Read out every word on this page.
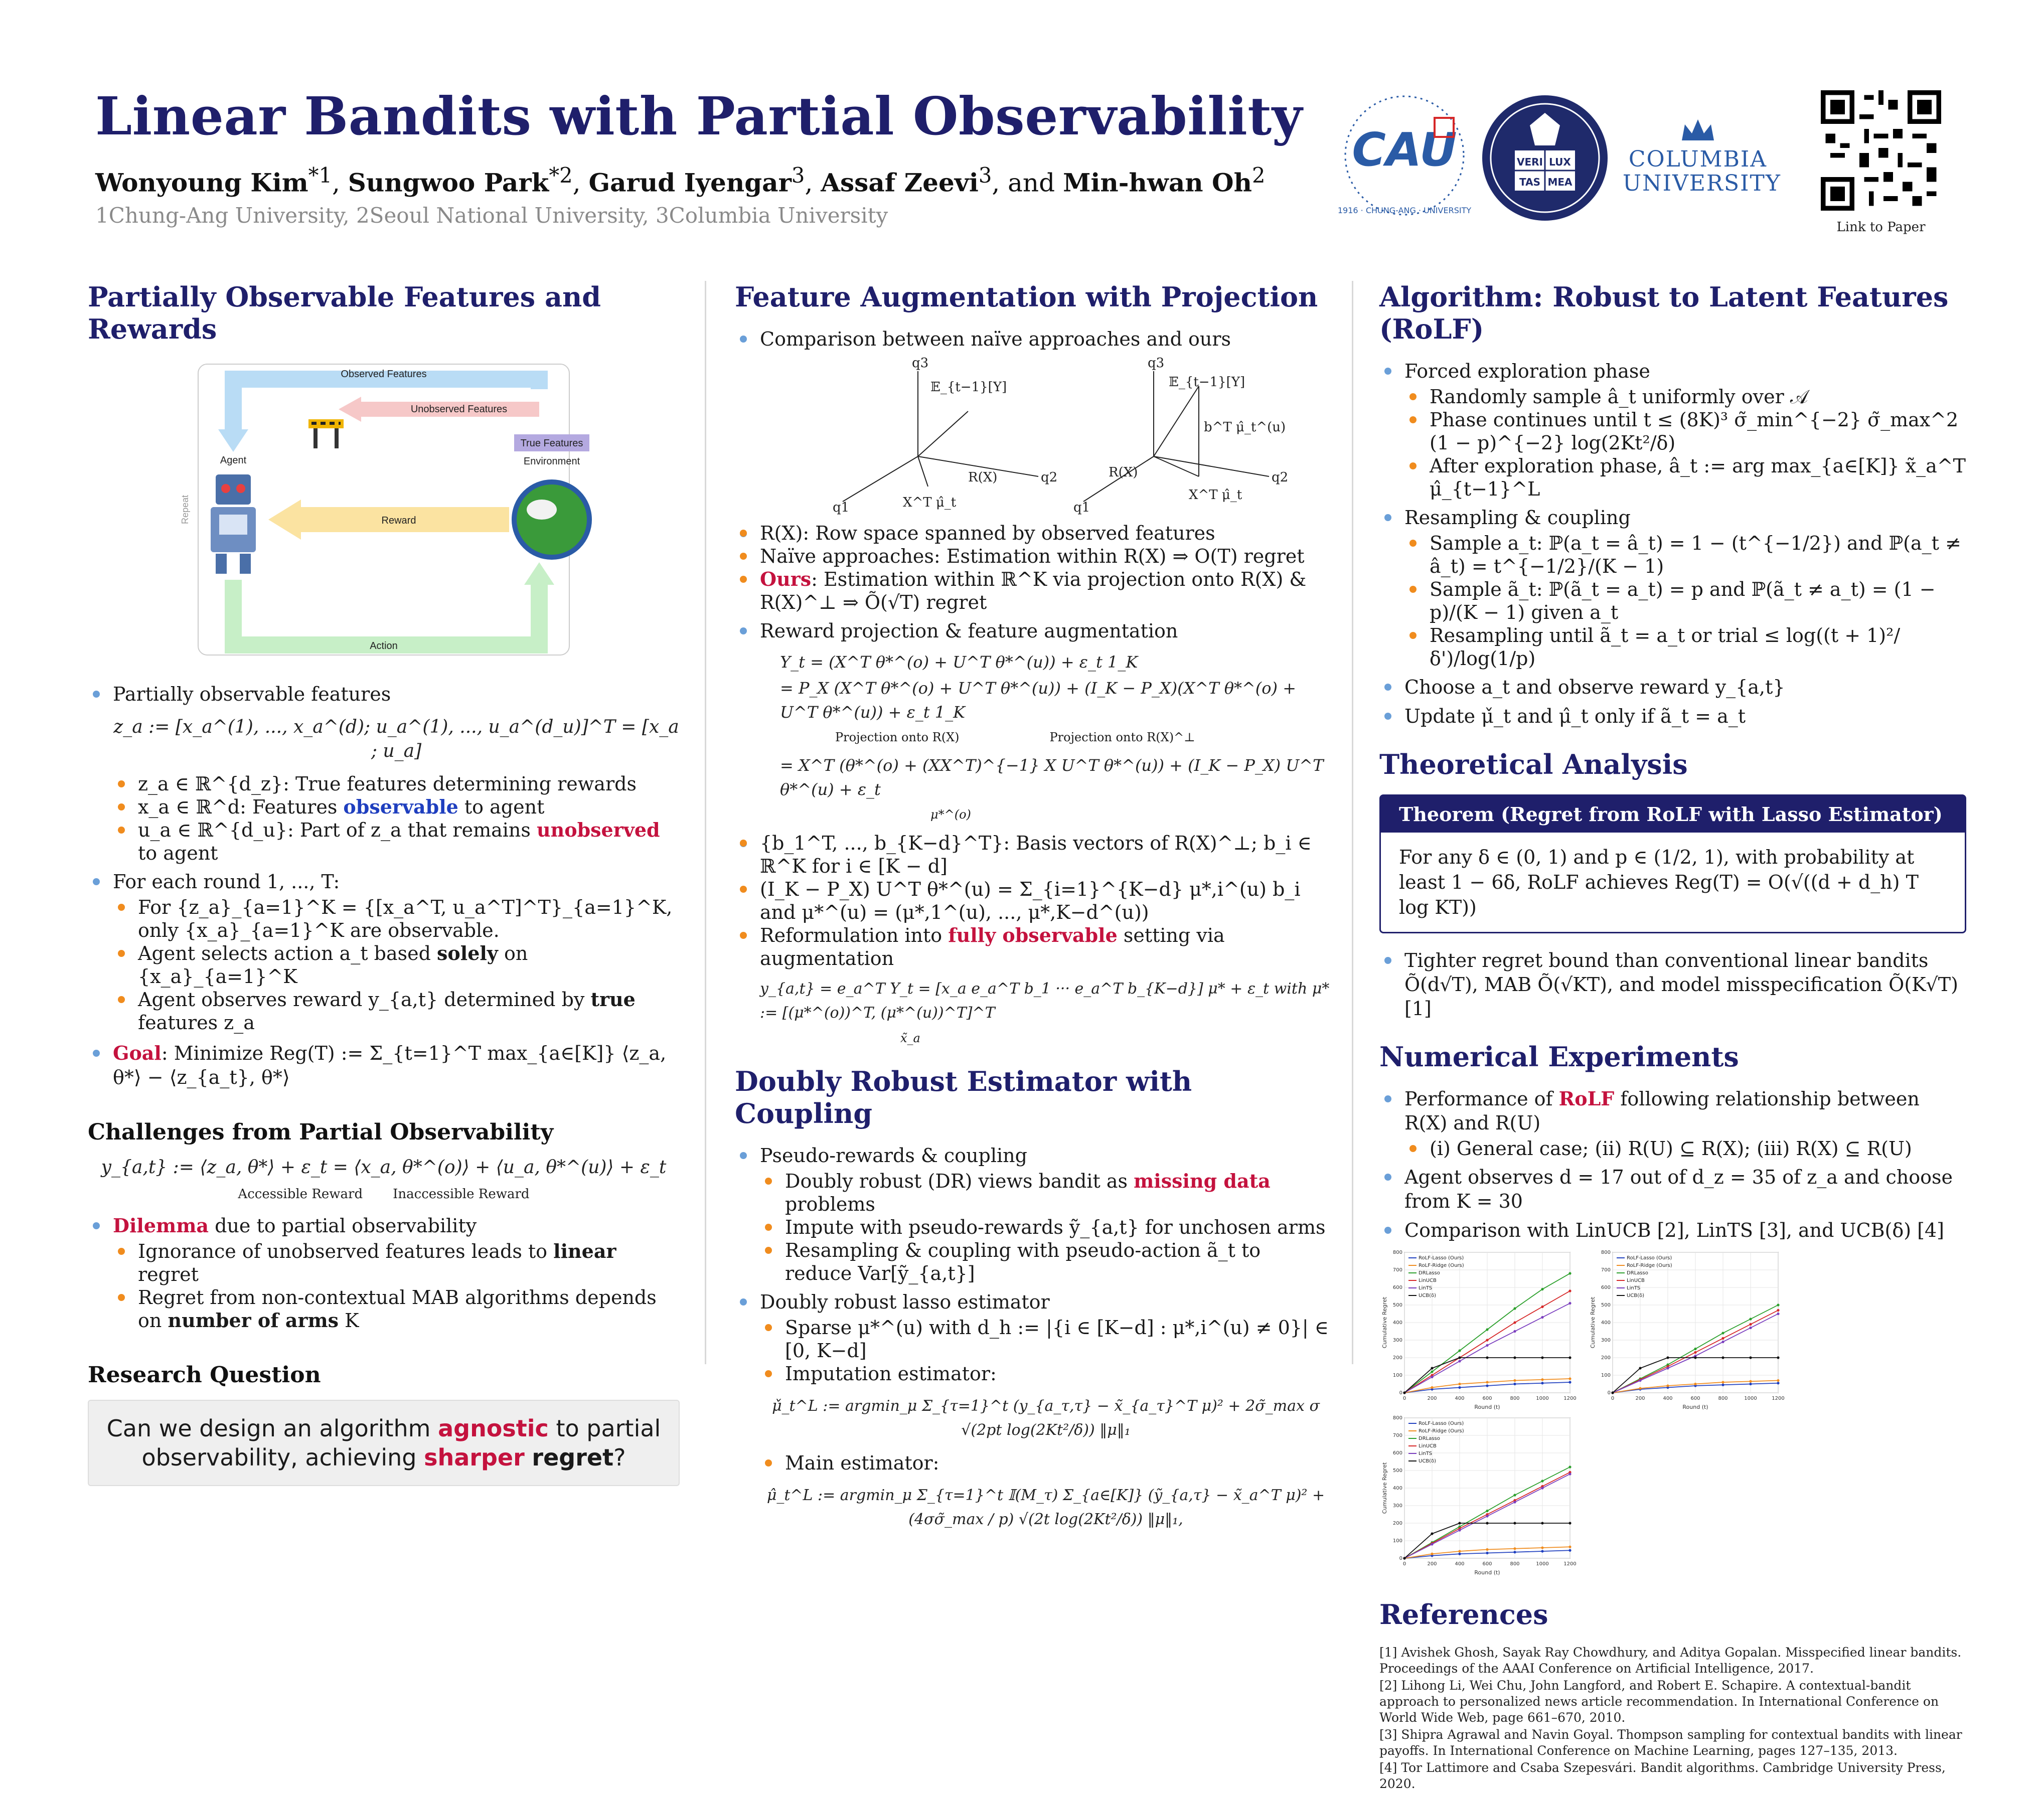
Linear Bandits with Partial Observability
Wonyoung Kim$^{*1}$, Sungwoo Park$^{*2}$, Garud Iyengar$^3$, Assaf Zeevi$^3$, and Min-hwan Oh$^2$
1Chung-Ang University, 2Seoul National University, 3Columbia University
CAU
1916 · CHUNG-ANG · UNIVERSITY
VERI LUX
TAS MEA
COLUMBIA
UNIVERSITY
Link to Paper
Partially Observable Features and Rewards
Observed Features
Unobserved Features
True Features
Environment
Agent
Reward
Action
Repeat
Partially observable features
z_a := [x_a^(1), ..., x_a^(d); u_a^(1), ..., u_a^(d_u)]^T = [x_a ; u_a]
z_a ∈ ℝ^{d_z}: True features determining rewards
x_a ∈ ℝ^d: Features observable to agent
u_a ∈ ℝ^{d_u}: Part of z_a that remains unobserved to agent
For each round 1, ..., T:
For {z_a}_{a=1}^K = {[x_a^T, u_a^T]^T}_{a=1}^K, only {x_a}_{a=1}^K are observable.
Agent selects action a_t based solely on {x_a}_{a=1}^K
Agent observes reward y_{a,t} determined by true features z_a
Goal: Minimize Reg(T) := Σ_{t=1}^T max_{a∈[K]} ⟨z_a, θ*⟩ − ⟨z_{a_t}, θ*⟩
Challenges from Partial Observability
y_{a,t} := ⟨z_a, θ*⟩ + ε_t = ⟨x_a, θ*^(o)⟩ + ⟨u_a, θ*^(u)⟩ + ε_t
Accessible Reward Inaccessible Reward
Dilemma due to partial observability
Ignorance of unobserved features leads to linear regret
Regret from non-contextual MAB algorithms depends on number of arms K
Research Question
Can we design an algorithm agnostic to partial observability, achieving sharper regret?
Feature Augmentation with Projection
Comparison between naïve approaches and ours
q3
q1
q2
𝔼_{t−1}[Y]
R(X)
X^T μ̂_t
q3
q1
q2
𝔼_{t−1}[Y]
b^T μ̂_t^(u)
R(X)
X^T μ̂_t
R(X): Row space spanned by observed features
Naïve approaches: Estimation within R(X) ⇒ O(T) regret
Ours: Estimation within ℝ^K via projection onto R(X) & R(X)^⊥ ⇒ Õ(√T) regret
Reward projection & feature augmentation
Y_t = (X^T θ*^(o) + U^T θ*^(u)) + ε_t 1_K
= P_X (X^T θ*^(o) + U^T θ*^(u)) + (I_K − P_X)(X^T θ*^(o) + U^T θ*^(u)) + ε_t 1_K
Projection onto R(X)	Projection onto R(X)^⊥
= X^T (θ*^(o) + (XX^T)^{−1} X U^T θ*^(u)) + (I_K − P_X) U^T θ*^(u) + ε_t
μ*^(o)
{b_1^T, ..., b_{K−d}^T}: Basis vectors of R(X)^⊥; b_i ∈ ℝ^K for i ∈ [K − d]
(I_K − P_X) U^T θ*^(u) = Σ_{i=1}^{K−d} μ*,i^(u) b_i and μ*^(u) = (μ*,1^(u), ..., μ*,K−d^(u))
Reformulation into fully observable setting via augmentation
y_{a,t} = e_a^T Y_t = [x_a e_a^T b_1 ··· e_a^T b_{K−d}] μ* + ε_t with μ* := [(μ*^(o))^T, (μ*^(u))^T]^T
x̃_a
Doubly Robust Estimator with Coupling
Pseudo-rewards & coupling
Doubly robust (DR) views bandit as missing data problems
Impute with pseudo-rewards ỹ_{a,t} for unchosen arms
Resampling & coupling with pseudo-action ã_t to reduce Var[ỹ_{a,t}]
Doubly robust lasso estimator
Sparse μ*^(u) with d_h := |{i ∈ [K−d] : μ*,i^(u) ≠ 0}| ∈ [0, K−d]
Imputation estimator:
μ̌_t^L := argmin_μ Σ_{τ=1}^t (y_{a_τ,τ} − x̃_{a_τ}^T μ)² + 2σ̃_max σ √(2pt log(2Kt²/δ)) ‖μ‖₁
Main estimator:
μ̂_t^L := argmin_μ Σ_{τ=1}^t 𝕀(M_τ) Σ_{a∈[K]} (ỹ_{a,τ} − x̃_a^T μ)² + (4σσ̃_max / p) √(2t log(2Kt²/δ)) ‖μ‖₁,
Algorithm: Robust to Latent Features (RoLF)
Forced exploration phase
Randomly sample â_t uniformly over 𝒜
Phase continues until t ≤ (8K)³ σ̃_min^{−2} σ̃_max^2 (1 − p)^{−2} log(2Kt²/δ)
After exploration phase, â_t := arg max_{a∈[K]} x̃_a^T μ̂_{t−1}^L
Resampling & coupling
Sample a_t: ℙ(a_t = â_t) = 1 − (t^{−1/2}) and ℙ(a_t ≠ â_t) = t^{−1/2}/(K − 1)
Sample ã_t: ℙ(ã_t = a_t) = p and ℙ(ã_t ≠ a_t) = (1 − p)/(K − 1) given a_t
Resampling until ã_t = a_t or trial ≤ log((t + 1)²/δ')/log(1/p)
Choose a_t and observe reward y_{a,t}
Update μ̌_t and μ̂_t only if ã_t = a_t
Theoretical Analysis
Theorem (Regret from RoLF with Lasso Estimator)
For any δ ∈ (0, 1) and p ∈ (1/2, 1), with probability at least 1 − 6δ, RoLF achieves Reg(T) = O(√((d + d_h) T log KT))
Tighter regret bound than conventional linear bandits Õ(d√T), MAB Õ(√KT), and model misspecification Õ(K√T) [1]
Numerical Experiments
Performance of RoLF following relationship between R(X) and R(U)
(i) General case; (ii) R(U) ⊆ R(X); (iii) R(X) ⊆ R(U)
Agent observes d = 17 out of d_z = 35 of z_a and choose from K = 30
Comparison with LinUCB [2], LinTS [3], and UCB(δ) [4]
0	200	400	600	800	1000	1200
0
100
200
300
400
500
600
700
800
Round (t)
Cumulative Regret
RoLF-Lasso (Ours)
RoLF-Ridge (Ours)
DRLasso
LinUCB
LinTS
UCB(δ)

0	200	400	600	800	1000	1200
0
100
200
300
400
500
600
700
800
Round (t)
Cumulative Regret
RoLF-Lasso (Ours)
RoLF-Ridge (Ours)
DRLasso
LinUCB
LinTS
UCB(δ)

0	200	400	600	800	1000	1200
0
100
200
300
400
500
600
700
800
Round (t)
Cumulative Regret
RoLF-Lasso (Ours)
RoLF-Ridge (Ours)
DRLasso
LinUCB
LinTS
UCB(δ)
References

[1] Avishek Ghosh, Sayak Ray Chowdhury, and Aditya Gopalan. Misspecified linear bandits. Proceedings of the AAAI Conference on Artificial Intelligence, 2017.

[2] Lihong Li, Wei Chu, John Langford, and Robert E. Schapire. A contextual-bandit approach to personalized news article recommendation. In International Conference on World Wide Web, page 661–670, 2010.

[3] Shipra Agrawal and Navin Goyal. Thompson sampling for contextual bandits with linear payoffs. In International Conference on Machine Learning, pages 127–135, 2013.

[4] Tor Lattimore and Csaba Szepesvári. Bandit algorithms. Cambridge University Press, 2020.
